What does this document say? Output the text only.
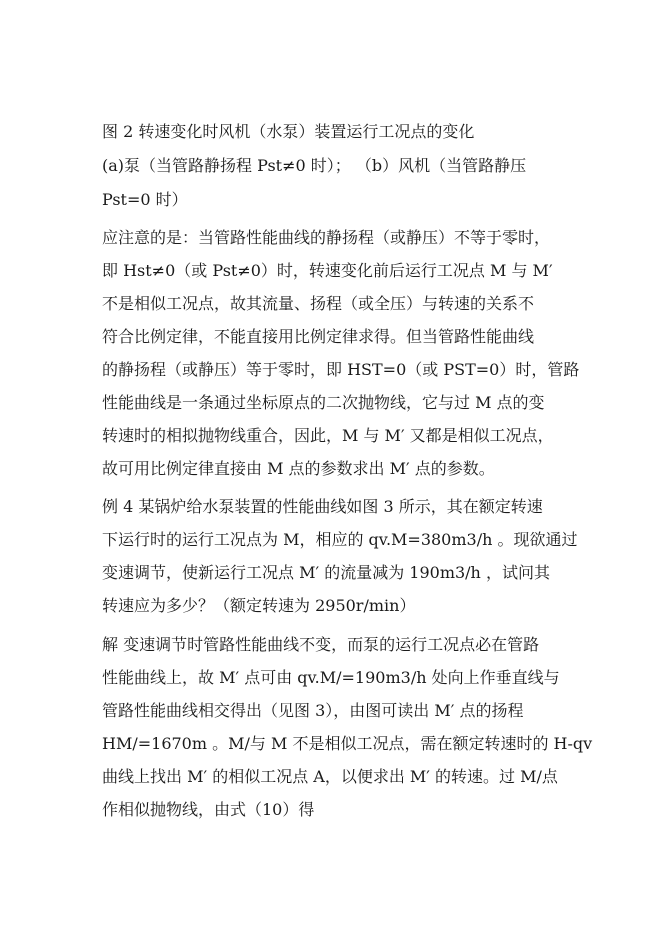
图 2 转速变化时风机（水泵）装置运行工况点的变化
(a)泵（当管路静扬程 Pst≠0 时）； （b）风机（当管路静压
Pst=0 时）
应注意的是：当管路性能曲线的静扬程（或静压）不等于零时，
即 Hst≠0（或 Pst≠0）时，转速变化前后运行工况点 M 与 M′
不是相似工况点，故其流量、扬程（或全压）与转速的关系不
符合比例定律，不能直接用比例定律求得。但当管路性能曲线
的静扬程（或静压）等于零时，即 HST=0（或 PST=0）时，管路
性能曲线是一条通过坐标原点的二次抛物线，它与过 M 点的变
转速时的相拟抛物线重合，因此，M 与 M′ 又都是相似工况点，
故可用比例定律直接由 M 点的参数求出 M′ 点的参数。
例 4 某锅炉给水泵装置的性能曲线如图 3 所示，其在额定转速
下运行时的运行工况点为 M，相应的 qv.M=380m3/h 。现欲通过
变速调节，使新运行工况点 M′ 的流量减为 190m3/h ，试问其
转速应为多少？（额定转速为 2950r/min）
解 变速调节时管路性能曲线不变，而泵的运行工况点必在管路
性能曲线上，故 M′ 点可由 qv.M/=190m3/h 处向上作垂直线与
管路性能曲线相交得出（见图 3），由图可读出 M′ 点的扬程
HM/=1670m 。M/与 M 不是相似工况点，需在额定转速时的 H-qv
曲线上找出 M′ 的相似工况点 A，以便求出 M′ 的转速。过 M/点
作相似抛物线，由式（10）得
